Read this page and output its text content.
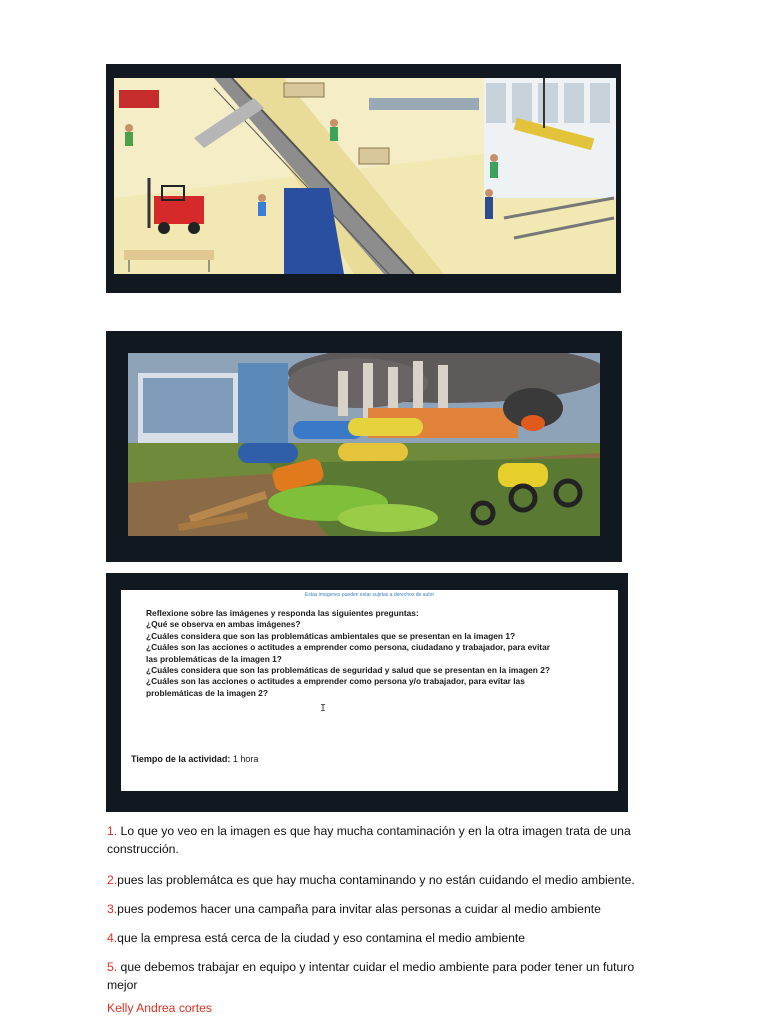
Estas imagenes pueden estar sujetas a derechos de autor
Reflexione sobre las imágenes y responda las siguientes preguntas:
¿Qué se observa en ambas imágenes?
¿Cuáles considera que son las problemáticas ambientales que se presentan en la imagen 1?
¿Cuáles son las acciones o actitudes a emprender como persona, ciudadano y trabajador, para evitar
las problemáticas de la imagen 1?
¿Cuáles considera que son las problemáticas de seguridad y salud que se presentan en la imagen 2?
¿Cuáles son las acciones o actitudes a emprender como persona y/o trabajador, para evitar las
problemáticas de la imagen 2?
I
Tiempo de la actividad: 1 hora

1. Lo que yo veo en la imagen es que hay mucha contaminación y en la otra imagen trata de una construcción.

2.pues las problemátca es que hay mucha contaminando y no están cuidando el medio ambiente.

3.pues podemos hacer una campaña para invitar alas personas a cuidar al medio ambiente

4.que la empresa está cerca de la ciudad y eso contamina el medio ambiente

5. que debemos trabajar en equipo y intentar cuidar el medio ambiente para poder tener un futuro mejor

Kelly Andrea cortes
